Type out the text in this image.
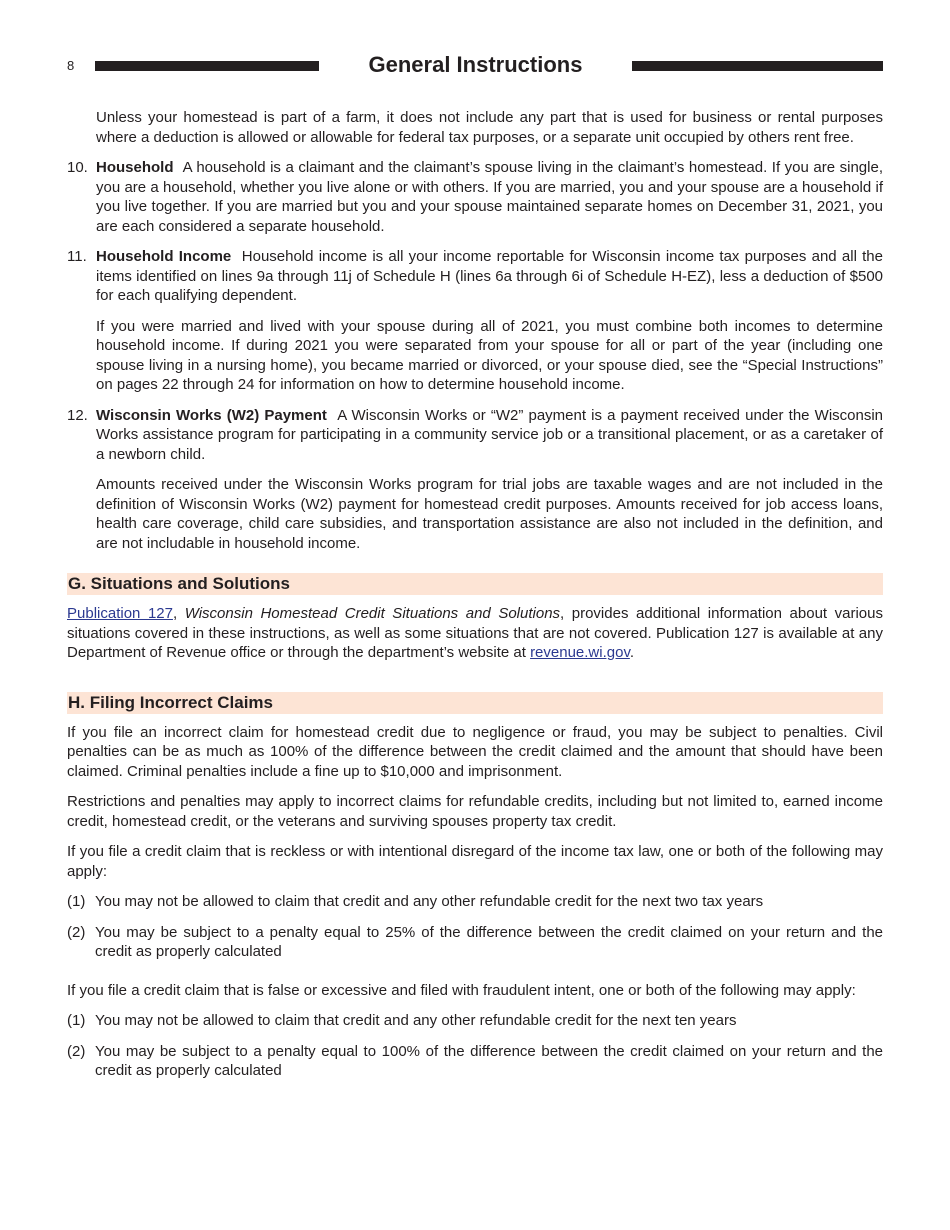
8	General Instructions

Unless your homestead is part of a farm, it does not include any part that is used for business or rental purposes where a deduction is allowed or allowable for federal tax purposes, or a separate unit occupied by others rent free.

10. Household A household is a claimant and the claimant’s spouse living in the claimant’s homestead. If you are single, you are a household, whether you live alone or with others. If you are married, you and your spouse are a household if you live together. If you are married but you and your spouse maintained separate homes on December 31, 2021, you are each considered a separate household.
11. Household Income Household income is all your income reportable for Wisconsin income tax purposes and all the items identified on lines 9a through 11j of Schedule H (lines 6a through 6i of Schedule H-EZ), less a deduction of $500 for each qualifying dependent.

If you were married and lived with your spouse during all of 2021, you must combine both incomes to determine household income. If during 2021 you were separated from your spouse for all or part of the year (including one spouse living in a nursing home), you became married or divorced, or your spouse died, see the “Special Instructions” on pages 22 through 24 for information on how to determine household income.

12. Wisconsin Works (W2) Payment A Wisconsin Works or “W2” payment is a payment received under the Wisconsin Works assistance program for participating in a community service job or a transitional placement, or as a caretaker of a newborn child.

Amounts received under the Wisconsin Works program for trial jobs are taxable wages and are not included in the definition of Wisconsin Works (W2) payment for homestead credit purposes. Amounts received for job access loans, health care coverage, child care subsidies, and transportation assistance are also not included in the definition, and are not includable in household income.

G. Situations and Solutions

Publication 127, Wisconsin Homestead Credit Situations and Solutions, provides additional information about various situations covered in these instructions, as well as some situations that are not covered. Publication 127 is available at any Department of Revenue office or through the department’s website at revenue.wi.gov.

H. Filing Incorrect Claims

If you file an incorrect claim for homestead credit due to negligence or fraud, you may be subject to penalties. Civil penalties can be as much as 100% of the difference between the credit claimed and the amount that should have been claimed. Criminal penalties include a fine up to $10,000 and imprisonment.

Restrictions and penalties may apply to incorrect claims for refundable credits, including but not limited to, earned income credit, homestead credit, or the veterans and surviving spouses property tax credit.

If you file a credit claim that is reckless or with intentional disregard of the income tax law, one or both of the following may apply:

(1) You may not be allowed to claim that credit and any other refundable credit for the next two tax years
(2) You may be subject to a penalty equal to 25% of the difference between the credit claimed on your return and the credit as properly calculated

If you file a credit claim that is false or excessive and filed with fraudulent intent, one or both of the following may apply:

(1) You may not be allowed to claim that credit and any other refundable credit for the next ten years
(2) You may be subject to a penalty equal to 100% of the difference between the credit claimed on your return and the credit as properly calculated
